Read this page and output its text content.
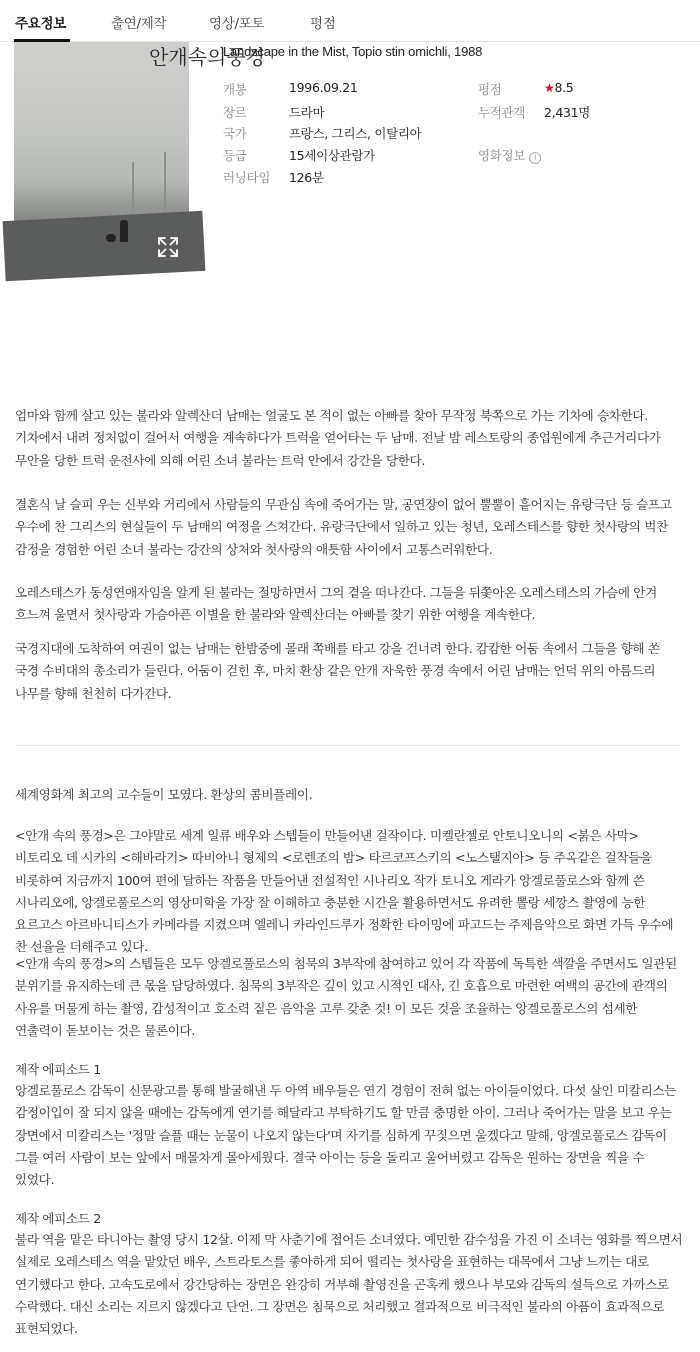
주요정보	출연/제작	영상/포토	평점
안개속의풍경
Landscape in the Mist, Topio stin omichli, 1988
개봉	1996.09.21
장르	드라마
국가	프랑스, 그리스, 이탈리아
등급	15세이상관람가
러닝타임 126분
평점	★8.5
누적관객 2,431명
영화정보 i
엄마와 함께 살고 있는 불라와 알렉산더 남매는 얼굴도 본 적이 없는 아빠를 찾아 무작정 북쪽으로 가는 기차에 승차한다. 기차에서 내려 정처없이 걸어서 여행을 계속하다가 트럭을 얻어타는 두 남매. 전날 밤 레스토랑의 종업원에게 추근거리다가 무안을 당한 트럭 운전사에 의해 어린 소녀 불라는 트럭 안에서 강간을 당한다.
결혼식 날 슬피 우는 신부와 거리에서 사람들의 무관심 속에 죽어가는 말, 공연장이 없어 뿔뿔이 흩어지는 유랑극단 등 슬프고 우수에 찬 그리스의 현실들이 두 남매의 여정을 스쳐간다. 유랑극단에서 일하고 있는 청년, 오레스테스를 향한 첫사랑의 벅찬 감정을 경험한 어린 소녀 불라는 강간의 상처와 첫사랑의 애틋함 사이에서 고통스러워한다.
오레스테스가 동성연애자임을 알게 된 불라는 절망하면서 그의 곁을 떠나간다. 그들을 뒤쫓아온 오레스테스의 가슴에 안겨 흐느껴 울면서 첫사랑과 가슴아픈 이별을 한 불라와 알렉산더는 아빠를 찾기 위한 여행을 계속한다.
국경지대에 도착하여 여권이 없는 남매는 한밤중에 몰래 쪽배를 타고 강을 건너려 한다. 캄캄한 어둠 속에서 그들을 향해 쏜 국경 수비대의 총소리가 들린다. 어둠이 걷힌 후, 마치 환상 같은 안개 자욱한 풍경 속에서 어린 남매는 언덕 위의 아름드리 나무를 향해 천천히 다가간다.
세계영화계 최고의 고수들이 모였다. 환상의 콤비플레이.
<안개 속의 풍경>은 그야말로 세계 일류 배우와 스텝들이 만들어낸 걸작이다. 미켈란젤로 안토니오니의 <붉은 사막> 비토리오 데 시카의 <해바라기> 따비아니 형제의 <로렌조의 밤> 타르코프스키의 <노스탤지아> 등 주옥같은 걸작들을 비롯하여 지금까지 100여 편에 달하는 작품을 만들어낸 전설적인 시나리오 작가 토니오 게라가 앙겔로풀로스와 함께 쓴 시나리오에, 앙겔로풀로스의 영상미학을 가장 잘 이해하고 충분한 시간을 활용하면서도 유려한 뽈랑 세깡스 촬영에 능한 요르고스 아르바니티스가 카메라를 지켰으며 엘레니 카라인드루가 정확한 타이밍에 파고드는 주제음악으로 화면 가득 우수에 찬 선율을 더해주고 있다.
<안개 속의 풍경>의 스텝들은 모두 앙겔로풀로스의 침묵의 3부작에 참여하고 있어 각 작품에 독특한 색깔을 주면서도 일관된 분위기를 유지하는데 큰 몫을 담당하였다. 침묵의 3부작은 깊이 있고 시적인 대사, 긴 호흡으로 마련한 여백의 공간에 관객의 사유를 머물게 하는 촬영, 감성적이고 호소력 짙은 음악을 고루 갖춘 것! 이 모든 것을 조율하는 앙겔로풀로스의 섬세한 연출력이 돋보이는 것은 물론이다.
제작 에피소드 1
앙겔로풀로스 감독이 신문광고를 통해 발굴해낸 두 아역 배우들은 연기 경험이 전혀 없는 아이들이었다. 다섯 살인 미칼리스는 감정이입이 잘 되지 않을 때에는 감독에게 연기를 해달라고 부탁하기도 할 만큼 충명한 아이. 그러나 죽어가는 말을 보고 우는 장면에서 미칼리스는 '정말 슬플 때는 눈물이 나오지 않는다'며 자기를 심하게 꾸짖으면 울겠다고 말해, 앙겔로풀로스 감독이 그를 여러 사람이 보는 앞에서 매몰차게 몰아세웠다. 결국 아이는 등을 돌리고 울어버렸고 감독은 원하는 장면을 찍을 수 있었다.
제작 에피소드 2
불라 역을 맡은 타니아는 촬영 당시 12살. 이제 막 사춘기에 접어든 소녀였다. 예민한 감수성을 가진 이 소녀는 영화를 찍으면서 실제로 오레스테스 역을 맡았던 배우, 스트라토스를 좋아하게 되어 떨리는 첫사랑을 표현하는 대목에서 그냥 느끼는 대로 연기했다고 한다. 고속도로에서 강간당하는 장면은 완강히 거부해 촬영진을 곤혹케 했으나 부모와 감독의 설득으로 가까스로 수락했다. 대신 소리는 지르지 않겠다고 단언. 그 장면은 침묵으로 처리했고 결과적으로 비극적인 불라의 아픔이 효과적으로 표현되었다.
